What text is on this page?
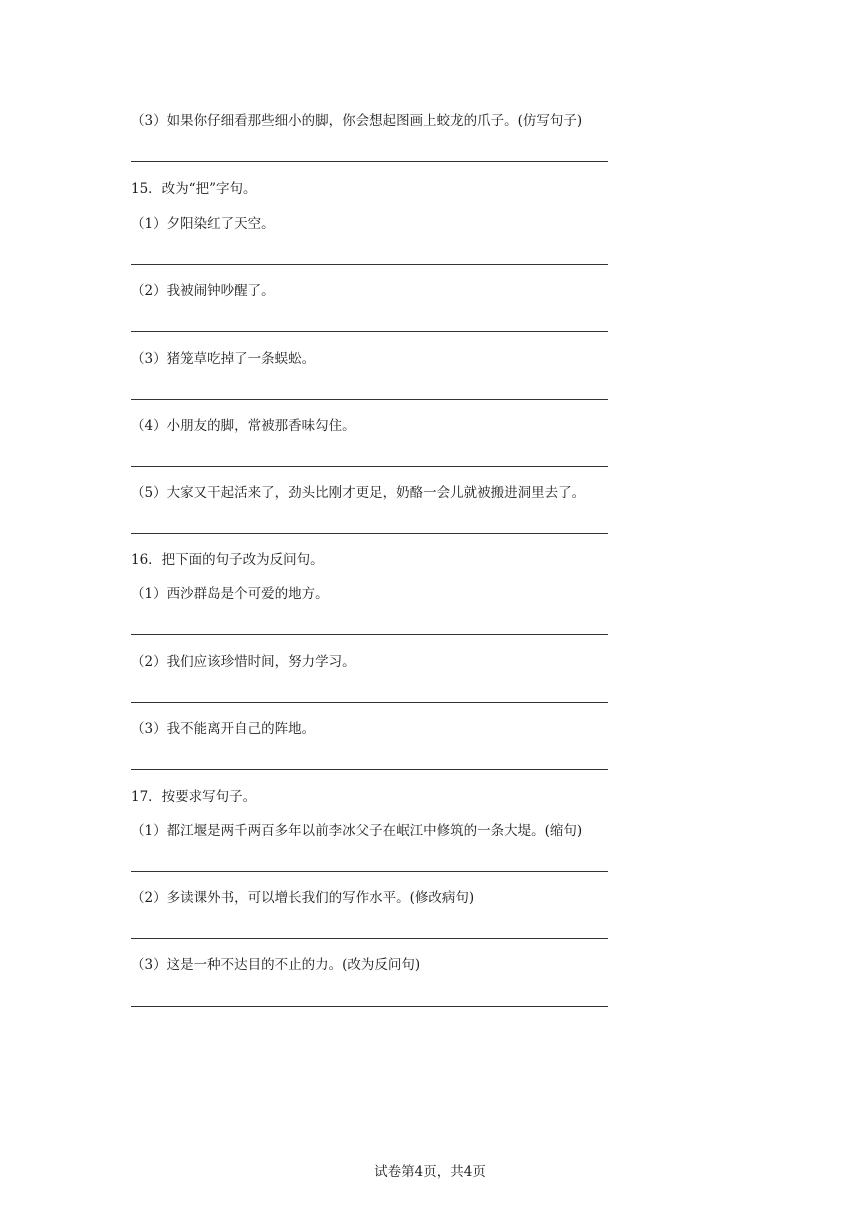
（3）如果你仔细看那些细小的脚，你会想起图画上蛟龙的爪子。(仿写句子)
15．改为“把”字句。
（1）夕阳染红了天空。
（2）我被闹钟吵醒了。
（3）猪笼草吃掉了一条蜈蚣。
（4）小朋友的脚，常被那香味勾住。
（5）大家又干起活来了，劲头比刚才更足，奶酪一会儿就被搬进洞里去了。
16．把下面的句子改为反问句。
（1）西沙群岛是个可爱的地方。
（2）我们应该珍惜时间，努力学习。
（3）我不能离开自己的阵地。
17．按要求写句子。
（1）都江堰是两千两百多年以前李冰父子在岷江中修筑的一条大堤。(缩句)
（2）多读课外书，可以增长我们的写作水平。(修改病句)
（3）这是一种不达目的不止的力。(改为反问句)
试卷第4页，共4页
